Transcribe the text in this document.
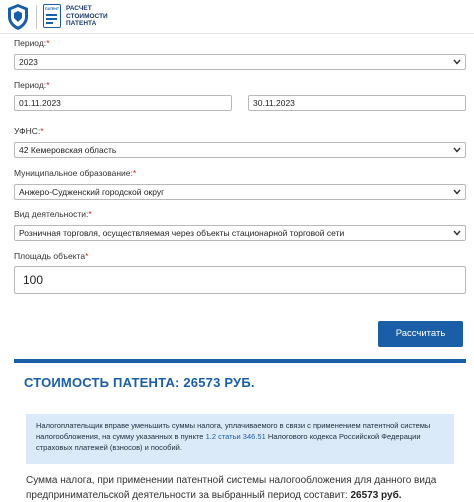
ПАТЕНТ РАСЧЕТ
СТОИМОСТИ
ПАТЕНТА
Период:*
2023
Период:*
01.11.2023	30.11.2023
УФНС:*
42 Кемеровская область
Муниципальное образование:*
Анжеро-Судженский городской округ
Вид деятельности:*
Розничная торговля, осуществляемая через объекты стационарной торговой сети
Площадь объекта*
100
Рассчитать
СТОИМОСТЬ ПАТЕНТА: 26573 РУБ.
Налогоплательщик вправе уменьшить суммы налога, уплачиваемого в связи с применением патентной системы налогообложения, на сумму указанных в пункте 1.2 статьи 346.51 Налогового кодекса Российской Федерации страховых платежей (взносов) и пособий.
Сумма налога, при применении патентной системы налогообложения для данного вида предпринимательской деятельности за выбранный период составит: 26573 руб.
